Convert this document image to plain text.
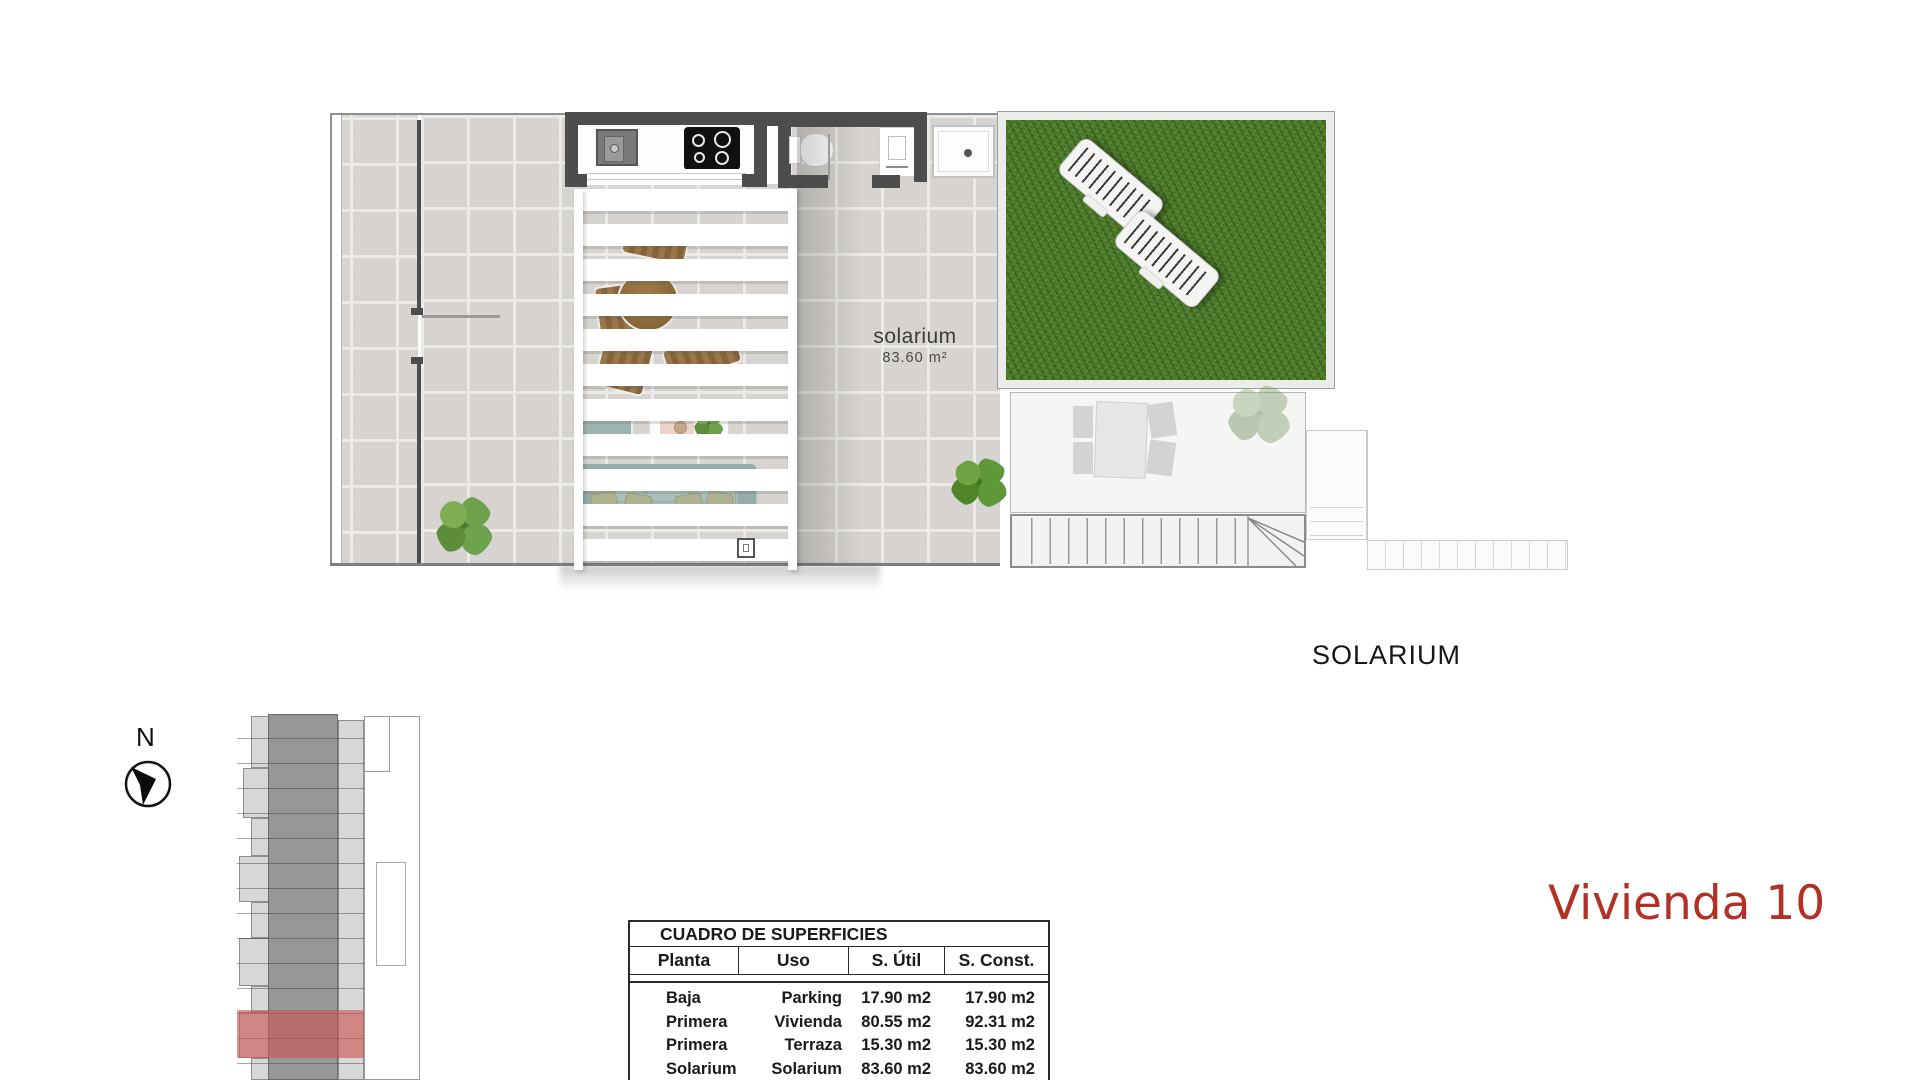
solarium
83.60 m²
SOLARIUM
N
CUADRO DE SUPERFICIES
Planta	Uso	S. Útil	S. Const.
Baja	Parking	17.90 m2	17.90 m2
Primera	Vivienda	80.55 m2	92.31 m2
Primera	Terraza	15.30 m2	15.30 m2
Solarium	Solarium	83.60 m2	83.60 m2
Vivienda 10
